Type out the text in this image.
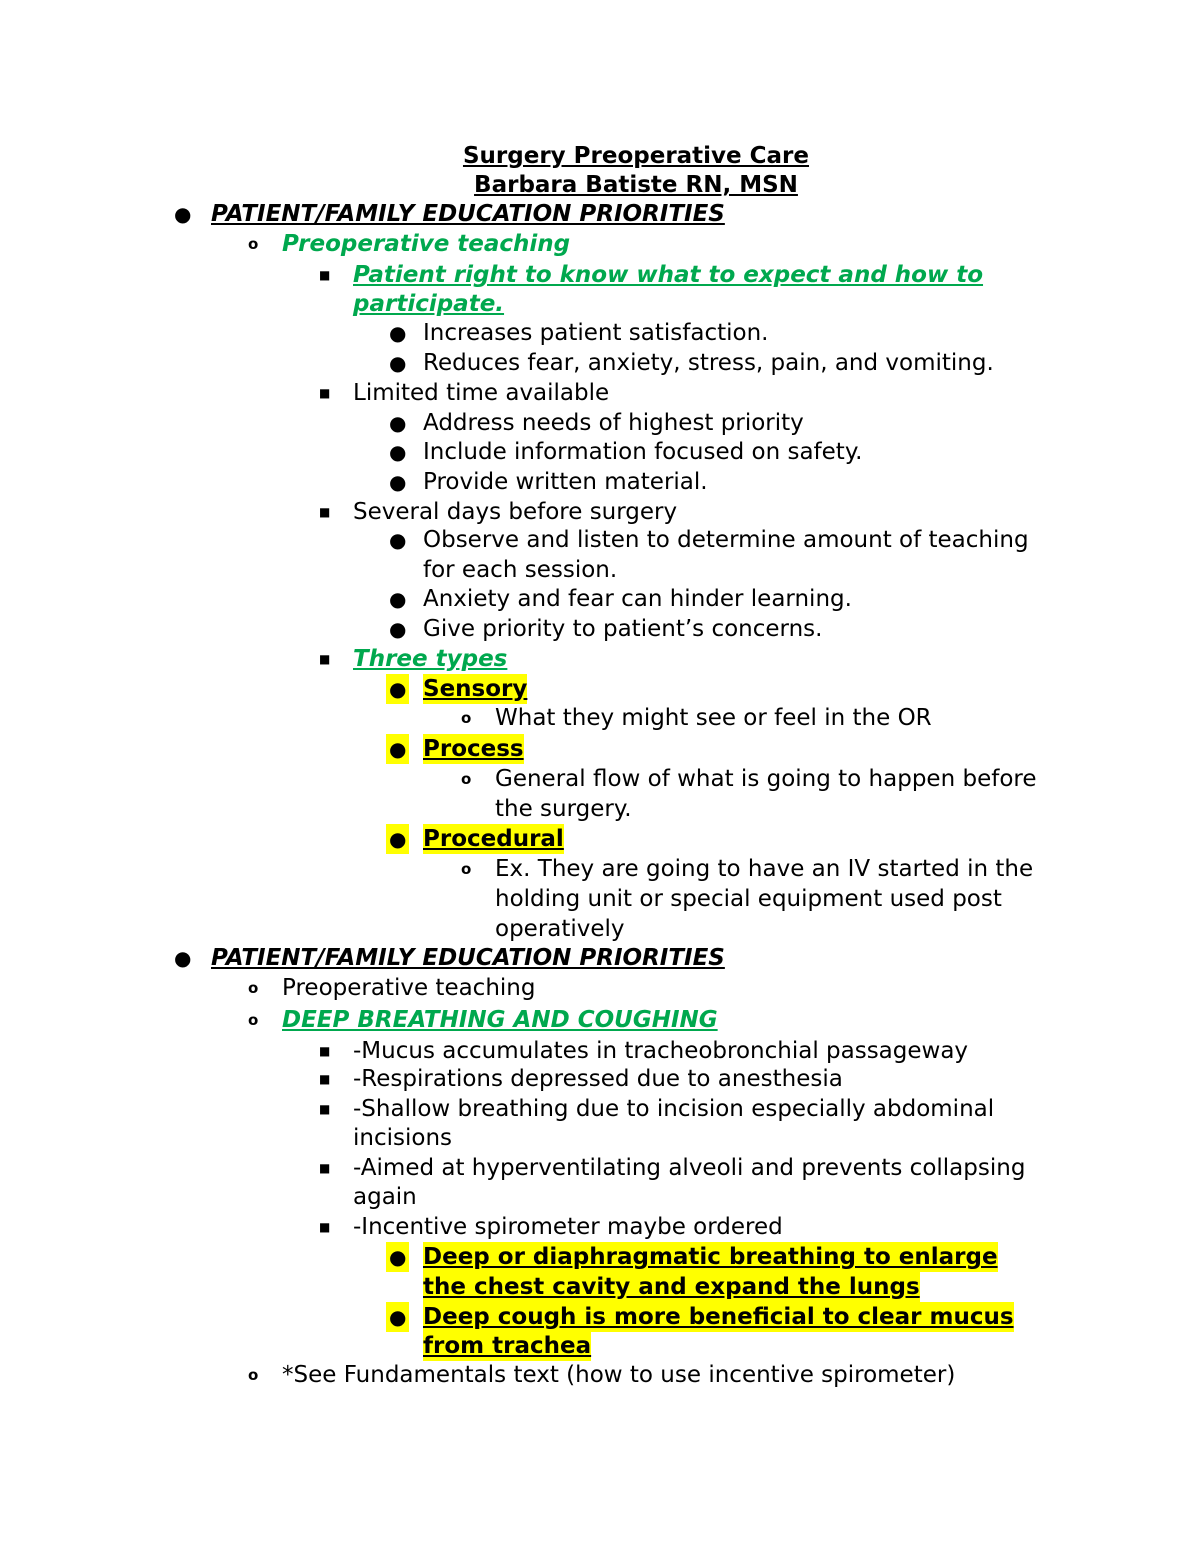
Surgery Preoperative Care
Barbara Batiste RN, MSN
● PATIENT/FAMILY EDUCATION PRIORITIES
o Preoperative teaching
■ Patient right to know what to expect and how to
participate.
● Increases patient satisfaction.
● Reduces fear, anxiety, stress, pain, and vomiting.
■ Limited time available
● Address needs of highest priority
● Include information focused on safety.
● Provide written material.
■ Several days before surgery
● Observe and listen to determine amount of teaching
for each session.
● Anxiety and fear can hinder learning.
● Give priority to patient’s concerns.
■ Three types
● Sensory
o What they might see or feel in the OR
● Process
o General flow of what is going to happen before
the surgery.
● Procedural
o Ex. They are going to have an IV started in the
holding unit or special equipment used post
operatively
● PATIENT/FAMILY EDUCATION PRIORITIES
o Preoperative teaching
o DEEP BREATHING AND COUGHING
■ -Mucus accumulates in tracheobronchial passageway
■ -Respirations depressed due to anesthesia
■ -Shallow breathing due to incision especially abdominal
incisions
■ -Aimed at hyperventilating alveoli and prevents collapsing
again
■ -Incentive spirometer maybe ordered
● Deep or diaphragmatic breathing to enlarge
the chest cavity and expand the lungs
● Deep cough is more beneficial to clear mucus
from trachea
o *See Fundamentals text (how to use incentive spirometer)
